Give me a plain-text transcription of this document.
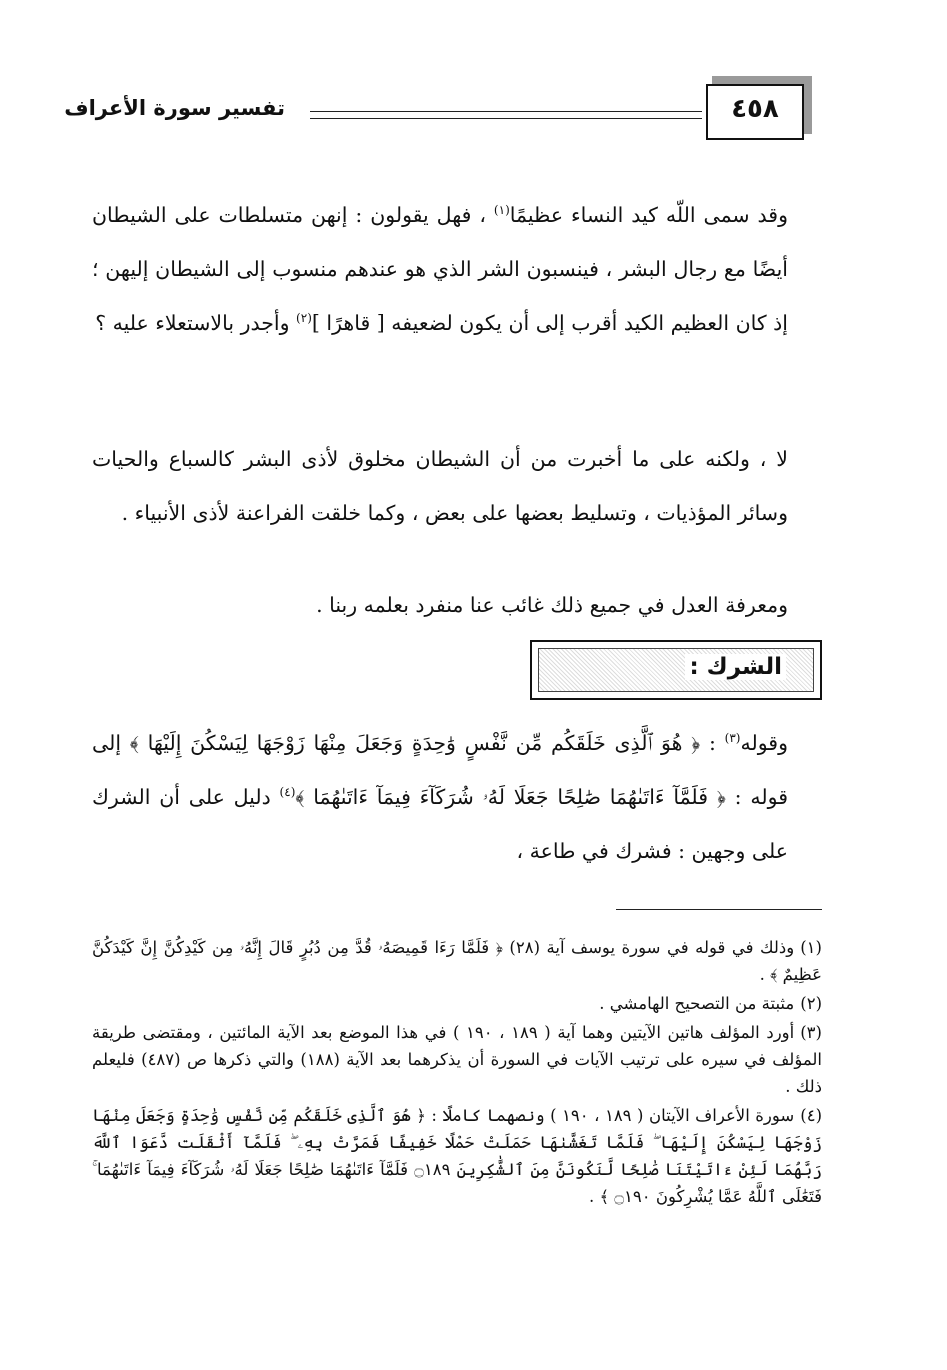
٤٥٨
تفسير سورة الأعراف

وقد سمى اللّه كيد النساء عظيمًا$^{(١)}$ ، فهل يقولون : إنهن متسلطات على الشيطان أيضًا مع رجال البشر ، فينسبون الشر الذي هو عندهم منسوب إلى الشيطان إليهن ؛ إذ كان العظيم الكيد أقرب إلى أن يكون لضعيفه [ قاهرًا ]$^{(٢)}$ وأجدر بالاستعلاء عليه ؟

لا ، ولكنه على ما أخبرت من أن الشيطان مخلوق لأذى البشر كالسباع والحيات وسائر المؤذيات ، وتسليط بعضها على بعض ، وكما خلقت الفراعنة لأذى الأنبياء .

ومعرفة العدل في جميع ذلك غائب عنا منفرد بعلمه ربنا .

الشرك :

وقوله$^{(٣)}$ : ﴿ هُوَ ٱلَّذِى خَلَقَكُم مِّن نَّفْسٍ وَٰحِدَةٍ وَجَعَلَ مِنْهَا زَوْجَهَا لِيَسْكُنَ إِلَيْهَا ﴾ إلى قوله : ﴿ فَلَمَّآ ءَاتَىٰهُمَا صَٰلِحًا جَعَلَا لَهُۥ شُرَكَآءَ فِيمَآ ءَاتَىٰهُمَا ﴾$^{(٤)}$ دليل على أن الشرك على وجهين : فشرك في طاعة ،

(١)وذلك في قوله في سورة يوسف آية (٢٨) ﴿ فَلَمَّا رَءَا قَمِيصَهُۥ قُدَّ مِن دُبُرٍ قَالَ إِنَّهُۥ مِن كَيْدِكُنَّ إِنَّ كَيْدَكُنَّ عَظِيمٌ ﴾ .

(٢)مثبتة من التصحيح الهامشي .

(٣)أورد المؤلف هاتين الآيتين وهما آية ( ١٨٩ ، ١٩٠ ) في هذا الموضع بعد الآية المائتين ، ومقتضى طريقة المؤلف في سيره على ترتيب الآيات في السورة أن يذكرهما بعد الآية (١٨٨) والتي ذكرها ص (٤٨٧) فليعلم ذلك .

(٤)سورة الأعراف الآيتان ( ١٨٩ ، ١٩٠ ) ونصهما كاملًا : ﴿ هُوَ ٱلَّذِى خَلَقَكُم مِّن نَّفْسٍ وَٰحِدَةٍ وَجَعَلَ مِنْهَا زَوْجَهَا لِيَسْكُنَ إِلَيْهَا ۖ فَلَمَّا تَغَشَّىٰهَا حَمَلَتْ حَمْلًا خَفِيفًا فَمَرَّتْ بِهِۦ ۖ فَلَمَّآ أَثْقَلَت دَّعَوَا ٱللَّهَ رَبَّهُمَا لَئِنْ ءَاتَيْتَنَا صَٰلِحًا لَّنَكُونَنَّ مِنَ ٱلشَّٰكِرِينَ ۝١٨٩ فَلَمَّآ ءَاتَىٰهُمَا صَٰلِحًا جَعَلَا لَهُۥ شُرَكَآءَ فِيمَآ ءَاتَىٰهُمَا ۚ فَتَعَٰلَى ٱللَّهُ عَمَّا يُشْرِكُونَ ۝١٩٠ ﴾ .
